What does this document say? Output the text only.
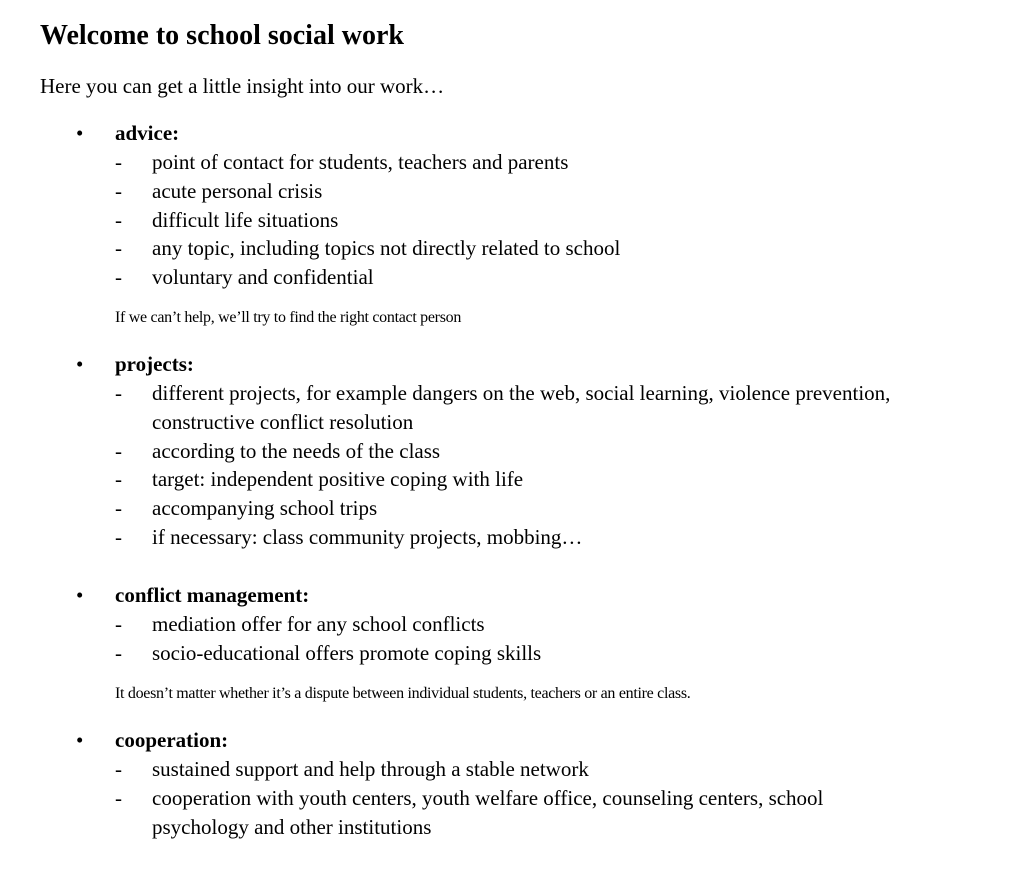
Welcome to school social work

Here you can get a little insight into our work…

• advice:
- point of contact for students, teachers and parents
- acute personal crisis
- difficult life situations
- any topic, including topics not directly related to school
- voluntary and confidential
If we can’t help, we’ll try to find the right contact person
• projects:
- different projects, for example dangers on the web, social learning, violence prevention, constructive conflict resolution
- according to the needs of the class
- target: independent positive coping with life
- accompanying school trips
- if necessary: class community projects, mobbing…
• conflict management:
- mediation offer for any school conflicts
- socio-educational offers promote coping skills
It doesn’t matter whether it’s a dispute between individual students, teachers or an entire class.
• cooperation:
- sustained support and help through a stable network
- cooperation with youth centers, youth welfare office, counseling centers, school psychology and other institutions
